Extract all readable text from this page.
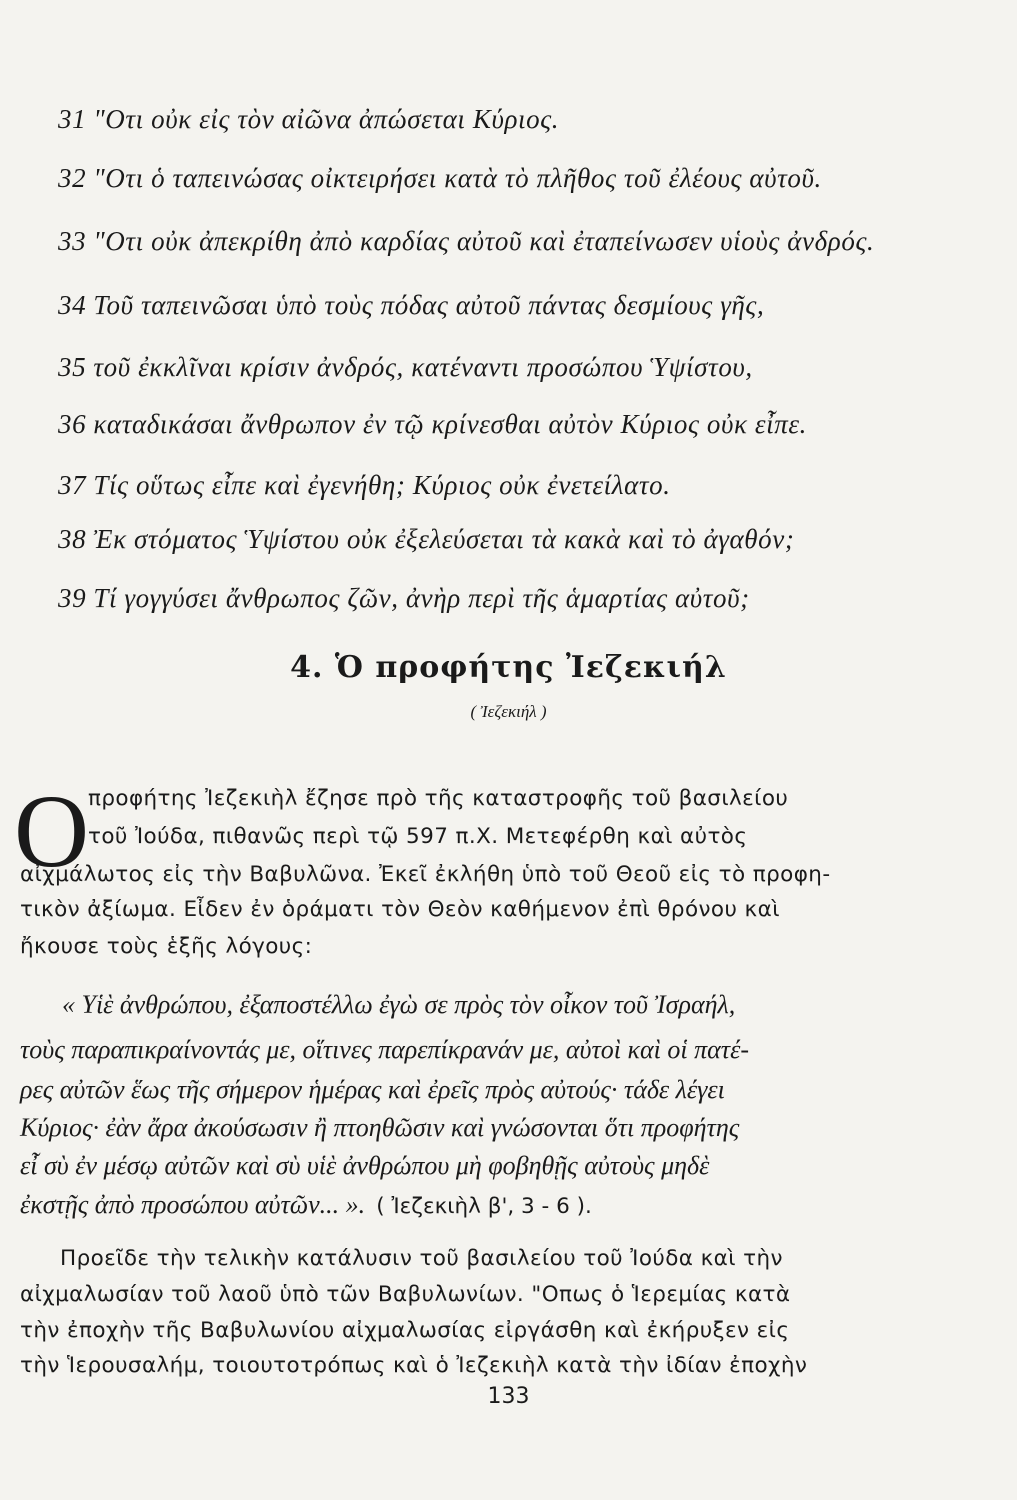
31 "Οτι οὐκ εἰς τὸν αἰῶνα ἀπώσεται Κύριος.
32 "Οτι ὁ ταπεινώσας οἰκτειρήσει κατὰ τὸ πλῆθος τοῦ ἐλέους αὐτοῦ.
33 "Οτι οὐκ ἀπεκρίθη ἀπὸ καρδίας αὐτοῦ καὶ ἐταπείνωσεν υἱοὺς ἀνδρός.
34 Τοῦ ταπεινῶσαι ὑπὸ τοὺς πόδας αὐτοῦ πάντας δεσμίους γῆς,
35 τοῦ ἐκκλῖναι κρίσιν ἀνδρός, κατέναντι προσώπου Ὑψίστου,
36 καταδικάσαι ἄνθρωπον ἐν τῷ κρίνεσθαι αὐτὸν Κύριος οὐκ εἶπε.
37 Τίς οὕτως εἶπε καὶ ἐγενήθη; Κύριος οὐκ ἐνετείλατο.
38 Ἐκ στόματος Ὑψίστου οὐκ ἐξελεύσεται τὰ κακὰ καὶ τὸ ἀγαθόν;
39 Τί γογγύσει ἄνθρωπος ζῶν, ἀνὴρ περὶ τῆς ἁμαρτίας αὐτοῦ;
4. Ὁ προφήτης Ἰεζεκιήλ
( Ἰεζεκιήλ )
Ο
προφήτης Ἰεζεκιὴλ ἔζησε πρὸ τῆς καταστροφῆς τοῦ βασιλείου
τοῦ Ἰούδα, πιθανῶς περὶ τῷ 597 π.Χ. Μετεφέρθη καὶ αὐτὸς
αἰχμάλωτος εἰς τὴν Βαβυλῶνα. Ἐκεῖ ἐκλήθη ὑπὸ τοῦ Θεοῦ εἰς τὸ προφη-
τικὸν ἀξίωμα. Εἶδεν ἐν ὁράματι τὸν Θεὸν καθήμενον ἐπὶ θρόνου καὶ
ἤκουσε τοὺς ἑξῆς λόγους:
« Υἱὲ ἀνθρώπου, ἐξαποστέλλω ἐγὼ σε πρὸς τὸν οἶκον τοῦ Ἰσραήλ,
τοὺς παραπικραίνοντάς με, οἵτινες παρεπίκρανάν με, αὐτοὶ καὶ οἱ πατέ-
ρες αὐτῶν ἕως τῆς σήμερον ἡμέρας καὶ ἐρεῖς πρὸς αὐτούς· τάδε λέγει
Κύριος· ἐὰν ἄρα ἀκούσωσιν ἢ πτοηθῶσιν καὶ γνώσονται ὅτι προφήτης
εἶ σὺ ἐν μέσῳ αὐτῶν καὶ σὺ υἱὲ ἀνθρώπου μὴ φοβηθῇς αὐτοὺς μηδὲ
ἐκστῇς ἀπὸ προσώπου αὐτῶν... ». ( Ἰεζεκιὴλ β', 3 - 6 ).
Προεῖδε τὴν τελικὴν κατάλυσιν τοῦ βασιλείου τοῦ Ἰούδα καὶ τὴν
αἰχμαλωσίαν τοῦ λαοῦ ὑπὸ τῶν Βαβυλωνίων. "Οπως ὁ Ἱερεμίας κατὰ
τὴν ἐποχὴν τῆς Βαβυλωνίου αἰχμαλωσίας εἰργάσθη καὶ ἐκήρυξεν εἰς
τὴν Ἱερουσαλήμ, τοιουτοτρόπως καὶ ὁ Ἰεζεκιὴλ κατὰ τὴν ἰδίαν ἐποχὴν
133
